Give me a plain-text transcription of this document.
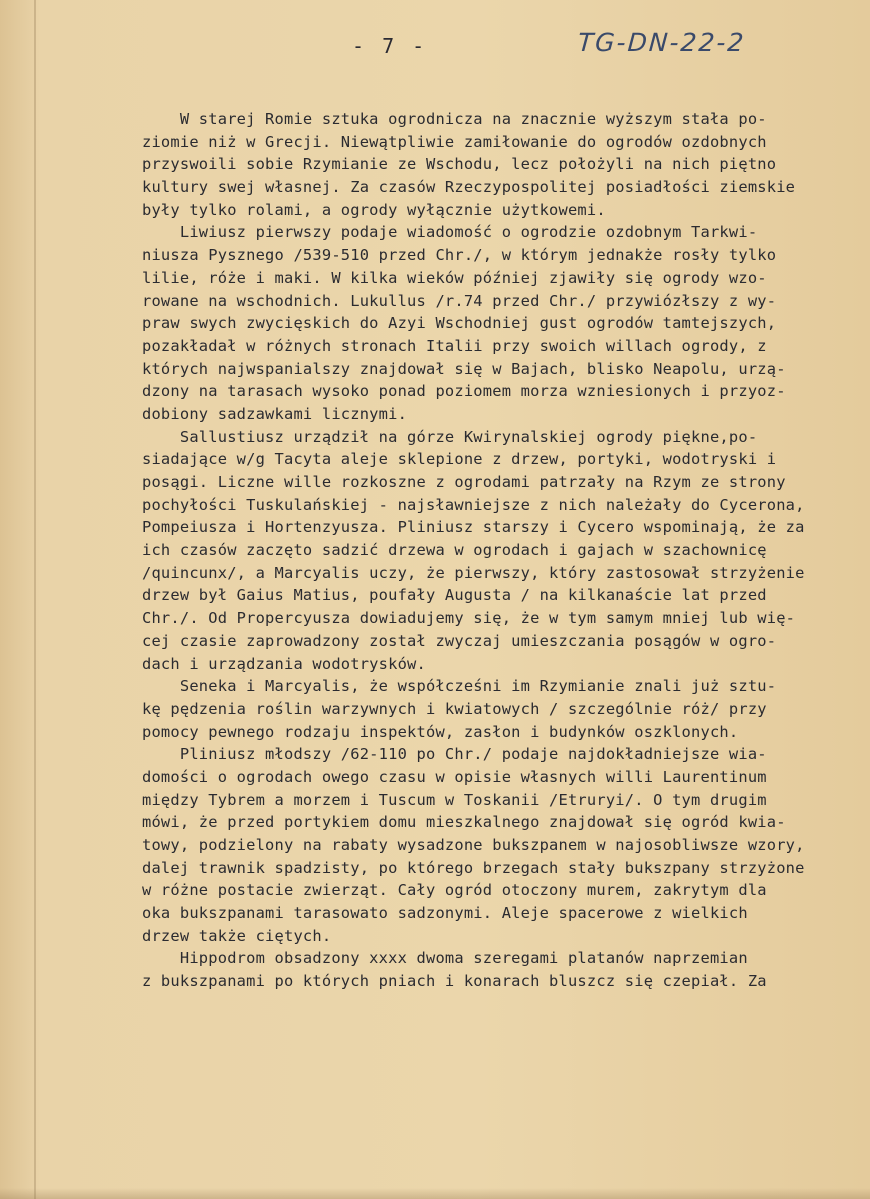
- 7 -	TG-DN-22-2
W starej Romie sztuka ogrodnicza na znacznie wyższym stała po-
ziomie niż w Grecji. Niewątpliwie zamiłowanie do ogrodów ozdobnych
przyswoili sobie Rzymianie ze Wschodu, lecz położyli na nich piętno
kultury swej własnej. Za czasów Rzeczypospolitej posiadłości ziemskie
były tylko rolami, a ogrody wyłącznie użytkowemi.
Liwiusz pierwszy podaje wiadomość o ogrodzie ozdobnym Tarkwi-
niusza Pysznego /539-510 przed Chr./, w którym jednakże rosły tylko
lilie, róże i maki. W kilka wieków później zjawiły się ogrody wzo-
rowane na wschodnich. Lukullus /r.74 przed Chr./ przywiózłszy z wy-
praw swych zwycięskich do Azyi Wschodniej gust ogrodów tamtejszych,
pozakładał w różnych stronach Italii przy swoich willach ogrody, z
których najwspanialszy znajdował się w Bajach, blisko Neapolu, urzą-
dzony na tarasach wysoko ponad poziomem morza wzniesionych i przyoz-
dobiony sadzawkami licznymi.
Sallustiusz urządził na górze Kwirynalskiej ogrody piękne,po-
siadające w/g Tacyta aleje sklepione z drzew, portyki, wodotryski i
posągi. Liczne wille rozkoszne z ogrodami patrzały na Rzym ze strony
pochyłości Tuskulańskiej - najsławniejsze z nich należały do Cycerona,
Pompeiusza i Hortenzyusza. Pliniusz starszy i Cycero wspominają, że za
ich czasów zaczęto sadzić drzewa w ogrodach i gajach w szachownicę
/quincunx/, a Marcyalis uczy, że pierwszy, który zastosował strzyżenie
drzew był Gaius Matius, poufały Augusta / na kilkanaście lat przed
Chr./. Od Propercyusza dowiadujemy się, że w tym samym mniej lub wię-
cej czasie zaprowadzony został zwyczaj umieszczania posągów w ogro-
dach i urządzania wodotrysków.
Seneka i Marcyalis, że współcześni im Rzymianie znali już sztu-
kę pędzenia roślin warzywnych i kwiatowych / szczególnie róż/ przy
pomocy pewnego rodzaju inspektów, zasłon i budynków oszklonych.
Pliniusz młodszy /62-110 po Chr./ podaje najdokładniejsze wia-
domości o ogrodach owego czasu w opisie własnych willi Laurentinum
między Tybrem a morzem i Tuscum w Toskanii /Etruryi/. O tym drugim
mówi, że przed portykiem domu mieszkalnego znajdował się ogród kwia-
towy, podzielony na rabaty wysadzone bukszpanem w najosobliwsze wzory,
dalej trawnik spadzisty, po którego brzegach stały bukszpany strzyżone
w różne postacie zwierząt. Cały ogród otoczony murem, zakrytym dla
oka bukszpanami tarasowato sadzonymi. Aleje spacerowe z wielkich
drzew także ciętych.
Hippodrom obsadzony xxxx dwoma szeregami platanów naprzemian
z bukszpanami po których pniach i konarach bluszcz się czepiał. Za
